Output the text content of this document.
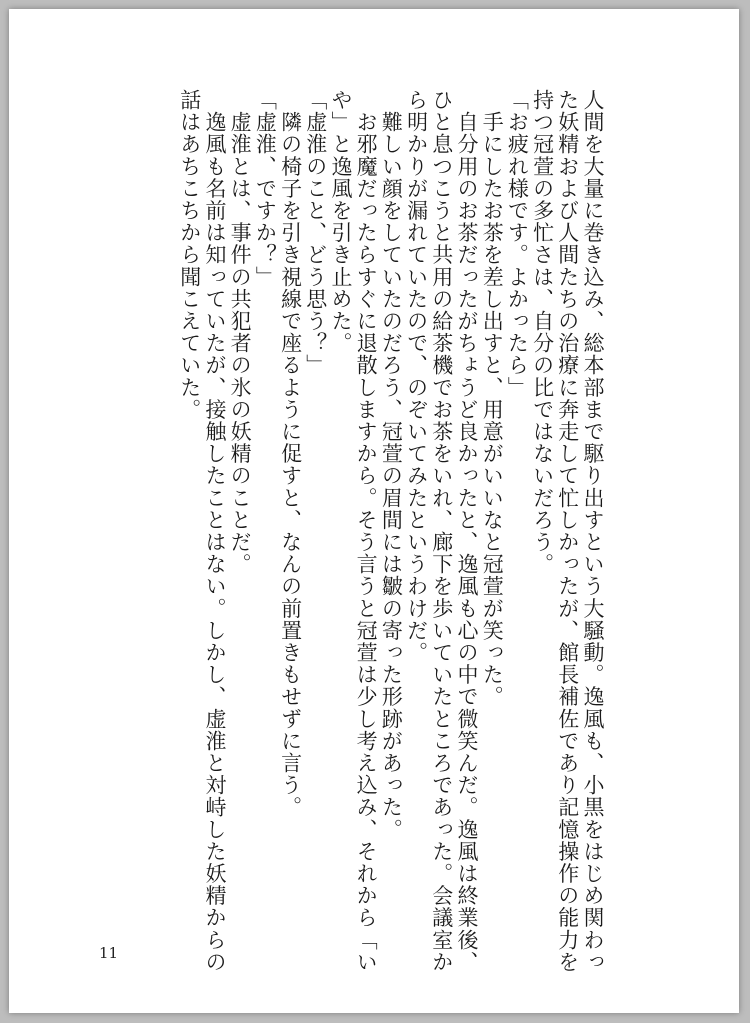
人間を大量に巻き込み、総本部まで駆り出すという大騒動。逸風も、小黒をはじめ関わっ

た妖精および人間たちの治療に奔走して忙しかったが、館長補佐であり記憶操作の能力を

持つ冠萱の多忙さは、自分の比ではないだろう。

「お疲れ様です。よかったら」

　手にしたお茶を差し出すと、用意がいいなと冠萱が笑った。

　自分用のお茶だったがちょうど良かったと、逸風も心の中で微笑んだ。逸風は終業後、

ひと息つこうと共用の給茶機でお茶をいれ、廊下を歩いていたところであった。会議室か

ら明かりが漏れていたので、のぞいてみたというわけだ。

　難しい顔をしていたのだろう、冠萱の眉間には皺の寄った形跡があった。

　お邪魔だったらすぐに退散しますから。そう言うと冠萱は少し考え込み、それから「い

や」と逸風を引き止めた。

「虚淮のこと、どう思う？」

　隣の椅子を引き視線で座るように促すと、なんの前置きもせずに言う。

「虚淮、ですか？」

　虚淮とは、事件の共犯者の氷の妖精のことだ。

　逸風も名前は知っていたが、接触したことはない。しかし、虚淮と対峙した妖精からの

話はあちこちから聞こえていた。

11
